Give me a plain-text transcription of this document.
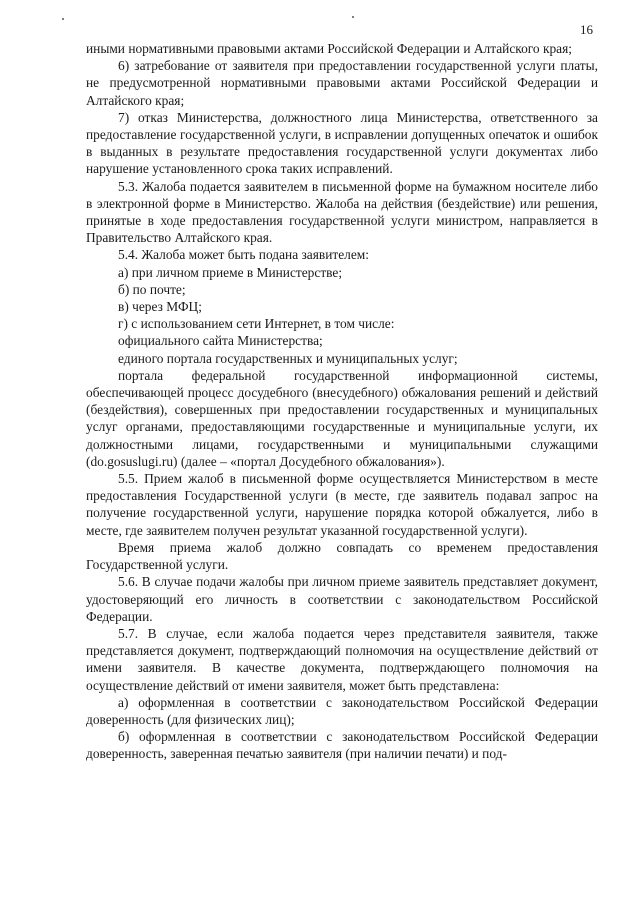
16

иными нормативными правовыми актами Российской Федерации и Алтайского края;

6) затребование от заявителя при предоставлении государственной услуги платы, не предусмотренной нормативными правовыми актами Российской Федерации и Алтайского края;

7) отказ Министерства, должностного лица Министерства, ответственного за предоставление государственной услуги, в исправлении допущенных опечаток и ошибок в выданных в результате предоставления государственной услуги документах либо нарушение установленного срока таких исправлений.

5.3. Жалоба подается заявителем в письменной форме на бумажном носителе либо в электронной форме в Министерство. Жалоба на действия (бездействие) или решения, принятые в ходе предоставления государственной услуги министром, направляется в Правительство Алтайского края.

5.4. Жалоба может быть подана заявителем:

а) при личном приеме в Министерстве;

б) по почте;

в) через МФЦ;

г) с использованием сети Интернет, в том числе:

официального сайта Министерства;

единого портала государственных и муниципальных услуг;

портала федеральной государственной информационной системы, обеспечивающей процесс досудебного (внесудебного) обжалования решений и действий (бездействия), совершенных при предоставлении государственных и муниципальных услуг органами, предоставляющими государственные и муниципальные услуги, их должностными лицами, государственными и муниципальными служащими (do.gosuslugi.ru) (далее – «портал Досудебного обжалования»).

5.5. Прием жалоб в письменной форме осуществляется Министерством в месте предоставления Государственной услуги (в месте, где заявитель подавал запрос на получение государственной услуги, нарушение порядка которой обжалуется, либо в месте, где заявителем получен результат указанной государственной услуги).

Время приема жалоб должно совпадать со временем предоставления Государственной услуги.

5.6. В случае подачи жалобы при личном приеме заявитель представляет документ, удостоверяющий его личность в соответствии с законодательством Российской Федерации.

5.7. В случае, если жалоба подается через представителя заявителя, также представляется документ, подтверждающий полномочия на осуществление действий от имени заявителя. В качестве документа, подтверждающего полномочия на осуществление действий от имени заявителя, может быть представлена:

а) оформленная в соответствии с законодательством Российской Федерации доверенность (для физических лиц);

б) оформленная в соответствии с законодательством Российской Федерации доверенность, заверенная печатью заявителя (при наличии печати) и под-
